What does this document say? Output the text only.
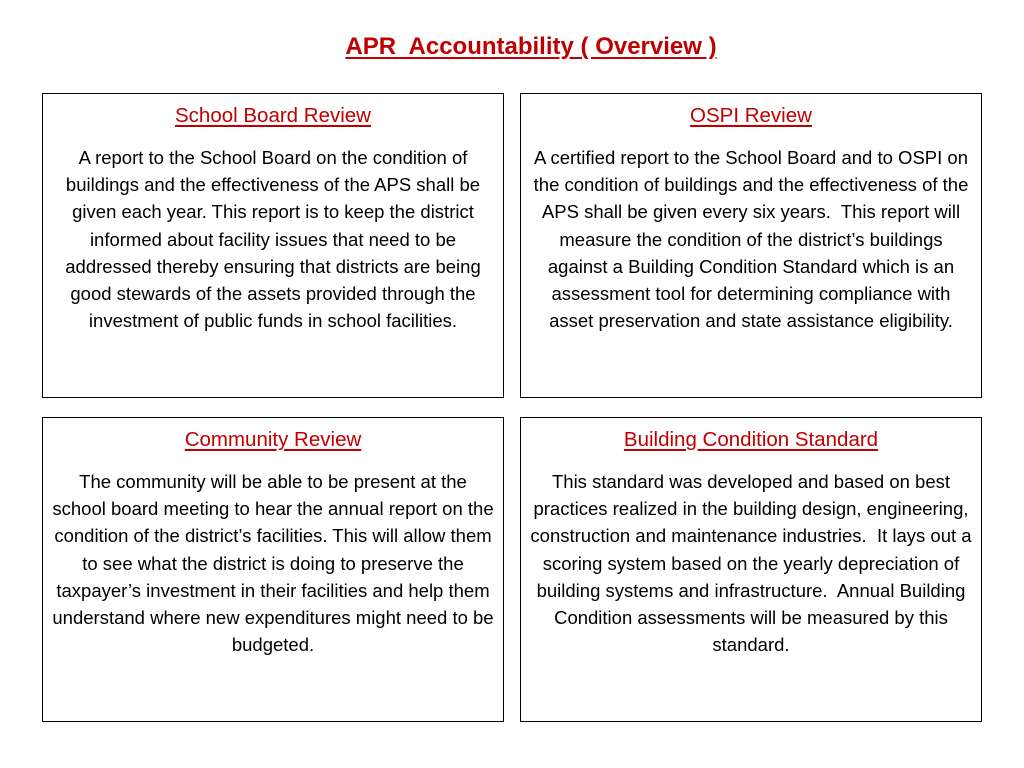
APR  Accountability ( Overview )
School Board Review
A report to the School Board on the condition of buildings and the effectiveness of the APS shall be given each year. This report is to keep the district informed about facility issues that need to be addressed thereby ensuring that districts are being good stewards of the assets provided through the investment of public funds in school facilities.
OSPI Review
A certified report to the School Board and to OSPI on the condition of buildings and the effectiveness of the APS shall be given every six years.  This report will measure the condition of the district’s buildings against a Building Condition Standard which is an assessment tool for determining compliance with asset preservation and state assistance eligibility.
Community Review
The community will be able to be present at the school board meeting to hear the annual report on the condition of the district’s facilities. This will allow them to see what the district is doing to preserve the taxpayer’s investment in their facilities and help them understand where new expenditures might need to be budgeted.
Building Condition Standard
This standard was developed and based on best practices realized in the building design, engineering, construction and maintenance industries.  It lays out a scoring system based on the yearly depreciation of building systems and infrastructure.  Annual Building Condition assessments will be measured by this standard.
